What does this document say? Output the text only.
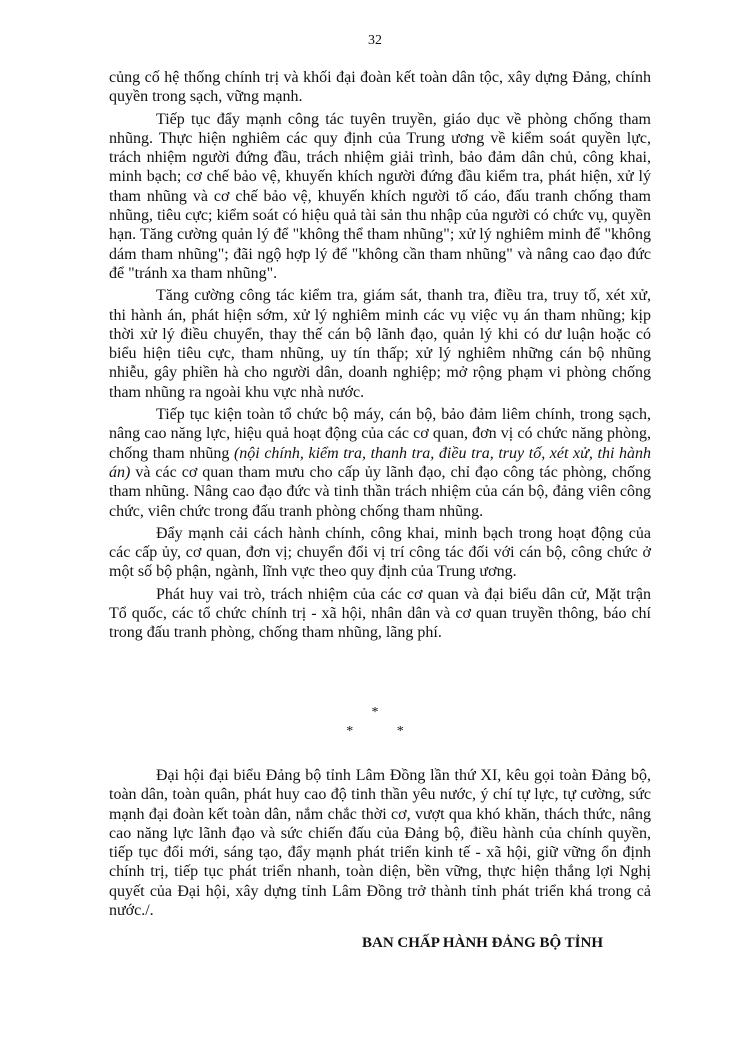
32

củng cố hệ thống chính trị và khối đại đoàn kết toàn dân tộc, xây dựng Đảng, chính quyền trong sạch, vững mạnh.

Tiếp tục đẩy mạnh công tác tuyên truyền, giáo dục về phòng chống tham nhũng. Thực hiện nghiêm các quy định của Trung ương về kiểm soát quyền lực, trách nhiệm người đứng đầu, trách nhiệm giải trình, bảo đảm dân chủ, công khai, minh bạch; cơ chế bảo vệ, khuyến khích người đứng đầu kiểm tra, phát hiện, xử lý tham nhũng và cơ chế bảo vệ, khuyến khích người tố cáo, đấu tranh chống tham nhũng, tiêu cực; kiểm soát có hiệu quả tài sản thu nhập của người có chức vụ, quyền hạn. Tăng cường quản lý để "không thể tham nhũng"; xử lý nghiêm minh để "không dám tham nhũng"; đãi ngộ hợp lý để "không cần tham nhũng" và nâng cao đạo đức để "tránh xa tham nhũng".

Tăng cường công tác kiểm tra, giám sát, thanh tra, điều tra, truy tố, xét xử, thi hành án, phát hiện sớm, xử lý nghiêm minh các vụ việc vụ án tham nhũng; kịp thời xử lý điều chuyển, thay thế cán bộ lãnh đạo, quản lý khi có dư luận hoặc có biểu hiện tiêu cực, tham nhũng, uy tín thấp; xử lý nghiêm những cán bộ nhũng nhiễu, gây phiền hà cho người dân, doanh nghiệp; mở rộng phạm vi phòng chống tham nhũng ra ngoài khu vực nhà nước.

Tiếp tục kiện toàn tổ chức bộ máy, cán bộ, bảo đảm liêm chính, trong sạch, nâng cao năng lực, hiệu quả hoạt động của các cơ quan, đơn vị có chức năng phòng, chống tham nhũng (nội chính, kiểm tra, thanh tra, điều tra, truy tố, xét xử, thi hành án) và các cơ quan tham mưu cho cấp ủy lãnh đạo, chỉ đạo công tác phòng, chống tham nhũng. Nâng cao đạo đức và tinh thần trách nhiệm của cán bộ, đảng viên công chức, viên chức trong đấu tranh phòng chống tham nhũng.

Đẩy mạnh cải cách hành chính, công khai, minh bạch trong hoạt động của các cấp ủy, cơ quan, đơn vị; chuyển đổi vị trí công tác đối với cán bộ, công chức ở một số bộ phận, ngành, lĩnh vực theo quy định của Trung ương.

Phát huy vai trò, trách nhiệm của các cơ quan và đại biểu dân cử, Mặt trận Tổ quốc, các tổ chức chính trị - xã hội, nhân dân và cơ quan truyền thông, báo chí trong đấu tranh phòng, chống tham nhũng, lãng phí.

*
* *

Đại hội đại biểu Đảng bộ tỉnh Lâm Đồng lần thứ XI, kêu gọi toàn Đảng bộ, toàn dân, toàn quân, phát huy cao độ tinh thần yêu nước, ý chí tự lực, tự cường, sức mạnh đại đoàn kết toàn dân, nắm chắc thời cơ, vượt qua khó khăn, thách thức, nâng cao năng lực lãnh đạo và sức chiến đấu của Đảng bộ, điều hành của chính quyền, tiếp tục đổi mới, sáng tạo, đẩy mạnh phát triển kinh tế - xã hội, giữ vững ổn định chính trị, tiếp tục phát triển nhanh, toàn diện, bền vững, thực hiện thắng lợi Nghị quyết của Đại hội, xây dựng tỉnh Lâm Đồng trở thành tỉnh phát triển khá trong cả nước./.

BAN CHẤP HÀNH ĐẢNG BỘ TỈNH
